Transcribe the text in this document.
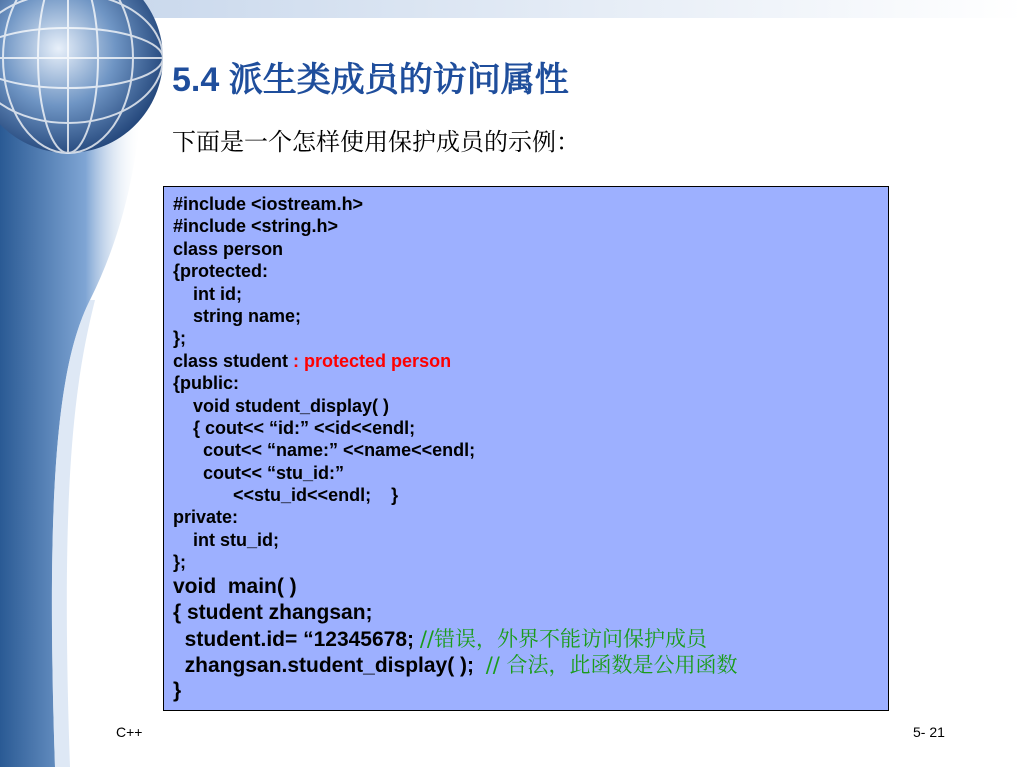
5.4 派生类成员的访问属性
下面是一个怎样使用保护成员的示例：
#include <iostream.h>
#include <string.h>
class person
{protected:
int id;
string name;
};
class student : protected person
{public:
void student_display( )
{ cout<< “id:” <<id<<endl;
cout<< “name:” <<name<<endl;
cout<< “stu_id:”
<<stu_id<<endl;    }
private:
int stu_id;
};
void  main( )
{ student zhangsan;
student.id= “12345678; //错误，外界不能访问保护成员
zhangsan.student_display( );  // 合法，此函数是公用函数
}
C++	5- 21
